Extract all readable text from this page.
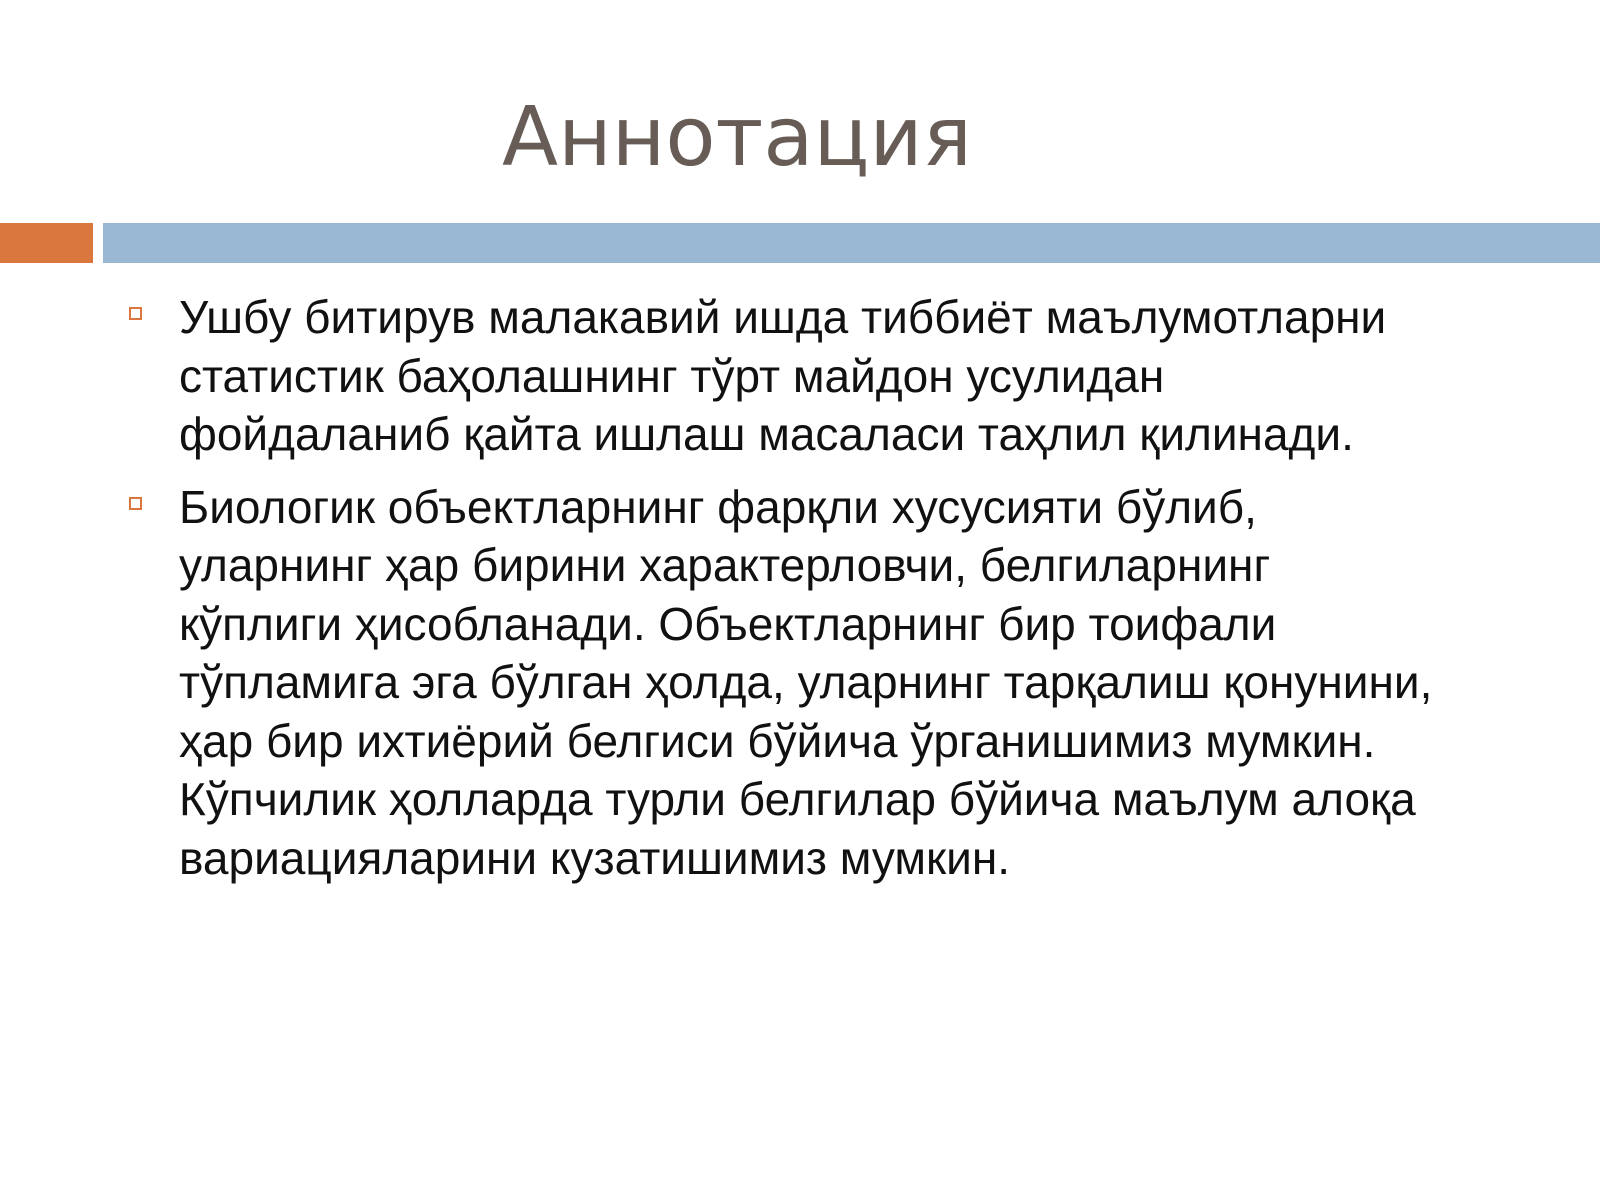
Аннотация
Ушбу битирув малакавий ишда тиббиёт маълумотларни
статистик баҳолашнинг тўрт майдон усулидан
фойдаланиб қайта ишлаш масаласи таҳлил қилинади.
Биологик объектларнинг фарқли хусусияти бўлиб,
уларнинг ҳар бирини характерловчи, белгиларнинг
кўплиги ҳисобланади. Объектларнинг бир тоифали
тўпламига эга бўлган ҳолда, уларнинг тарқалиш қонунини,
ҳар бир ихтиёрий белгиси бўйича ўрганишимиз мумкин.
Кўпчилик ҳолларда турли белгилар бўйича маълум алоқа
вариацияларини кузатишимиз мумкин.
